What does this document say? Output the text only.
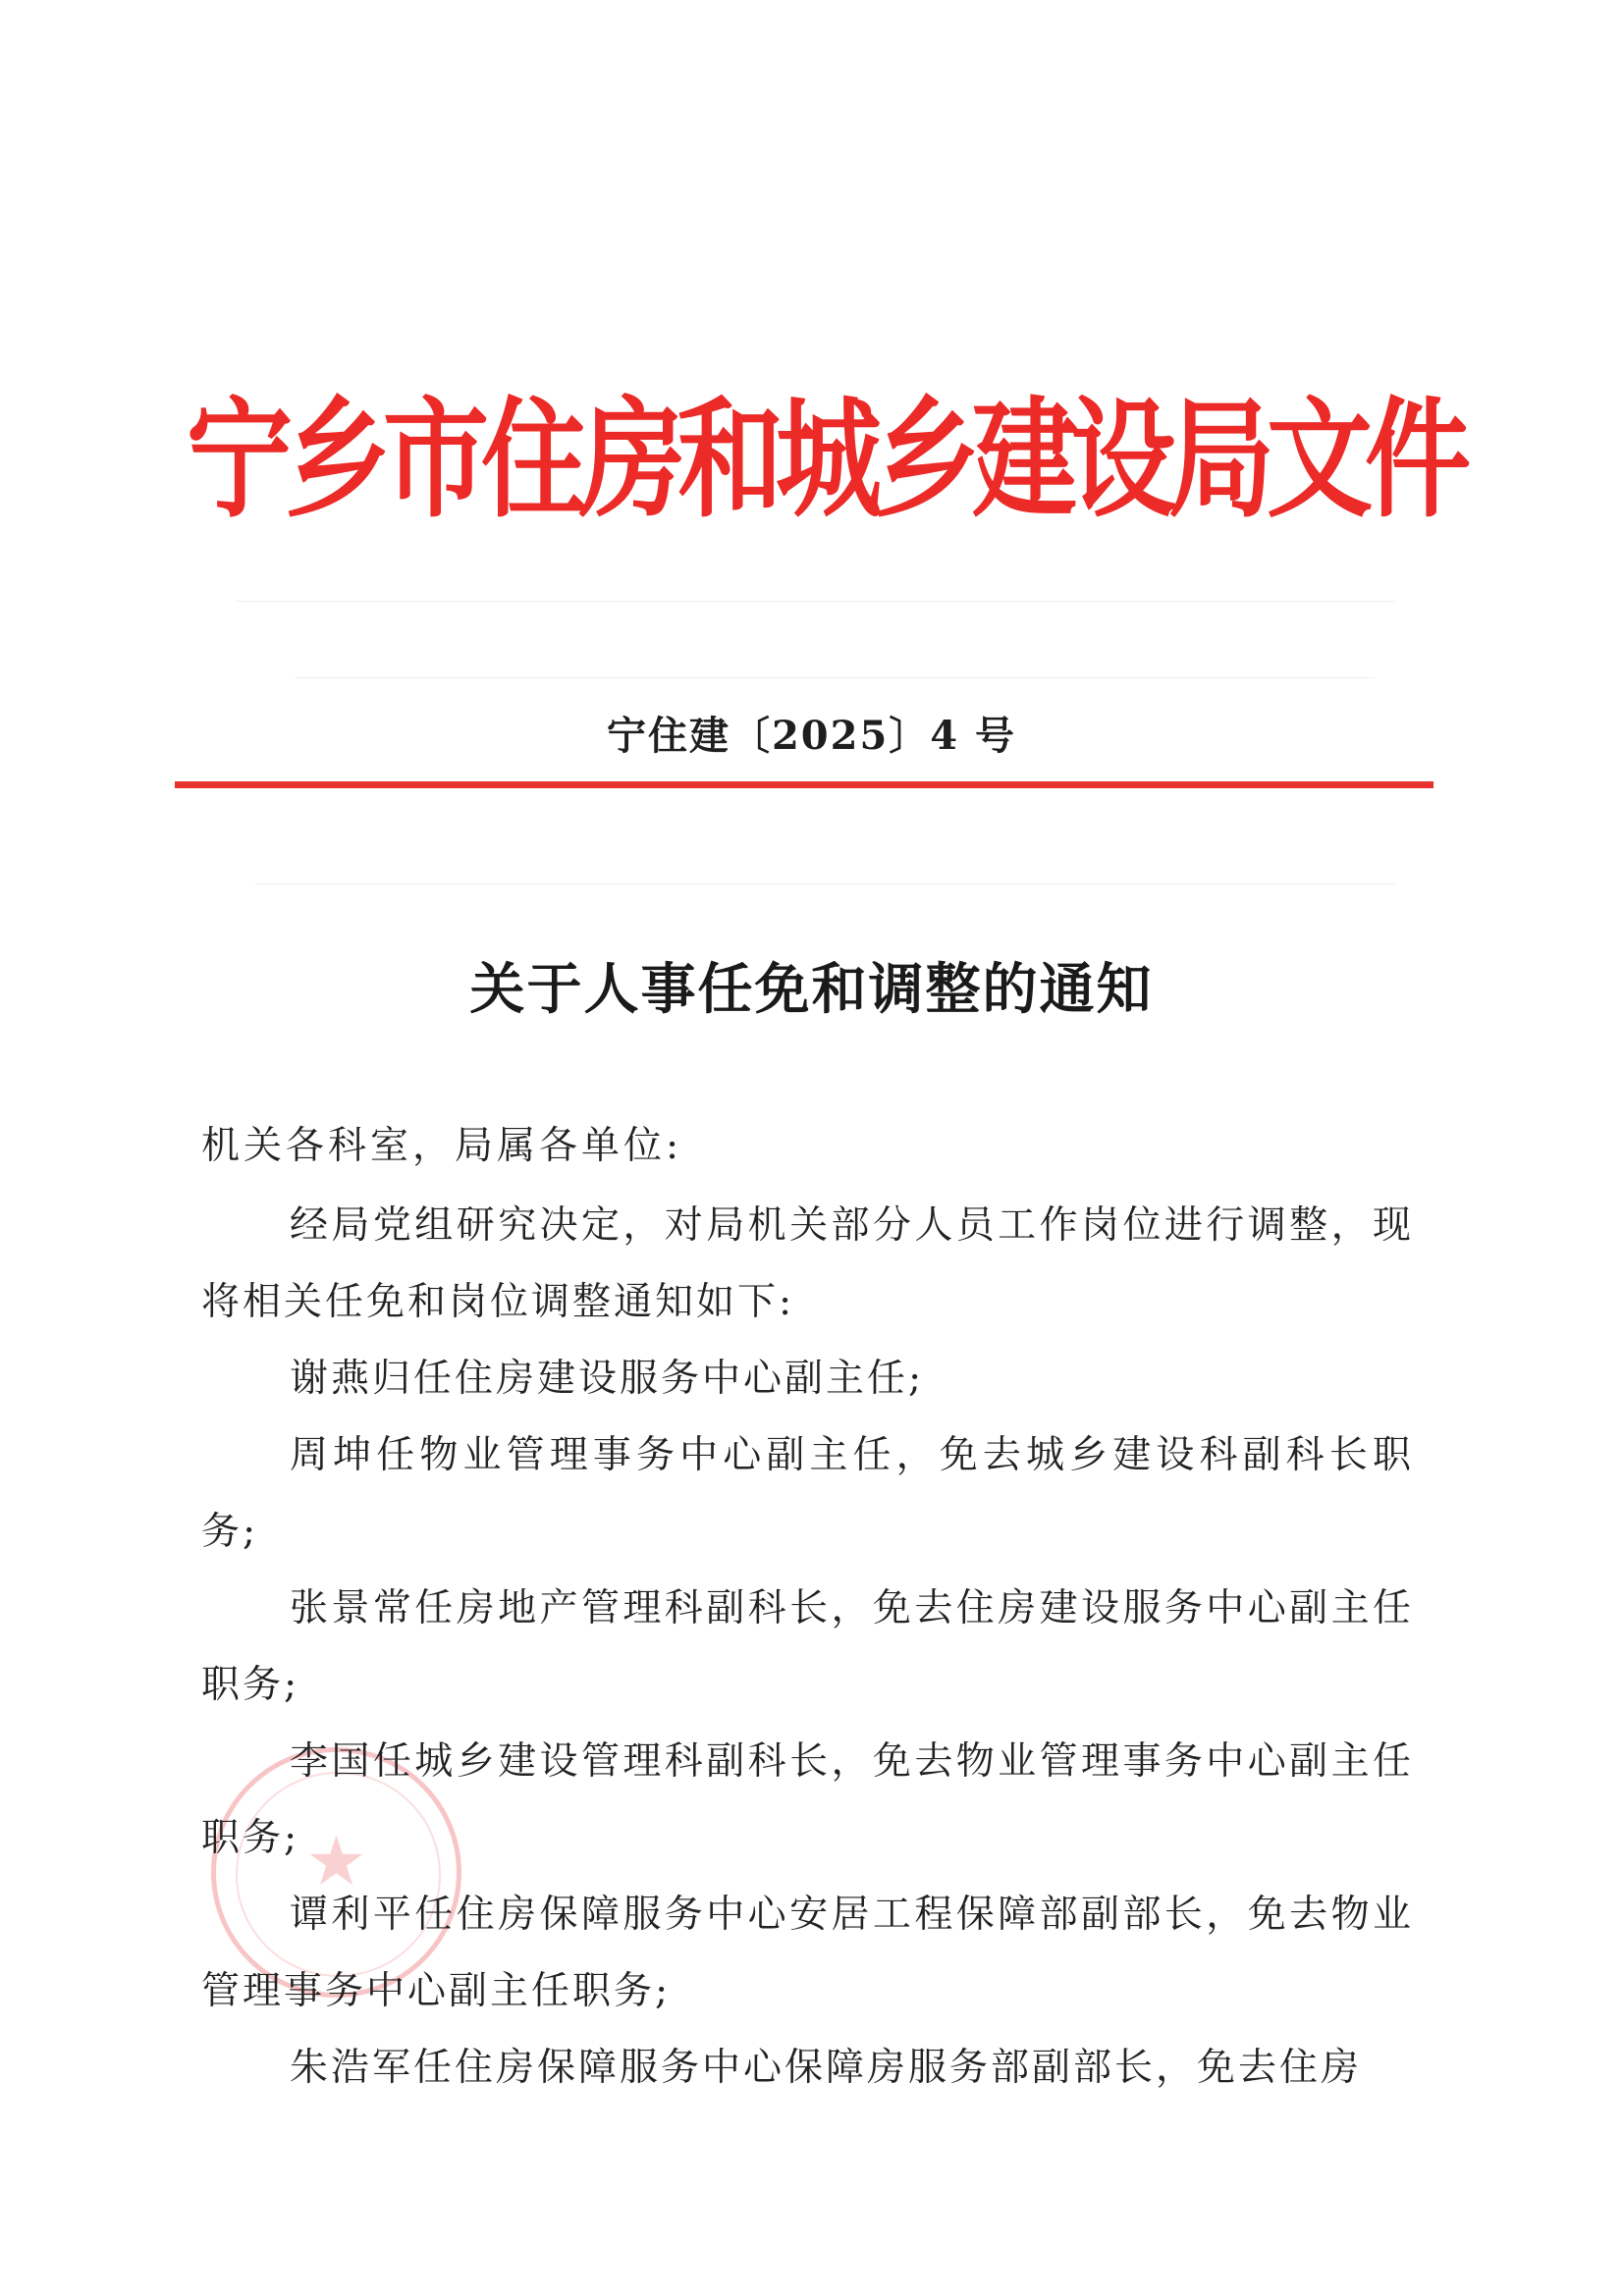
宁乡市住房和城乡建设局文件
宁住建〔2025〕4 号
关于人事任免和调整的通知
机关各科室，局属各单位:
★

经局党组研究决定，对局机关部分人员工作岗位进行调整，现将相关任免和岗位调整通知如下:

谢燕归任住房建设服务中心副主任;

周坤任物业管理事务中心副主任，免去城乡建设科副科长职务;

张景常任房地产管理科副科长，免去住房建设服务中心副主任职务;

李国任城乡建设管理科副科长，免去物业管理事务中心副主任职务;

谭利平任住房保障服务中心安居工程保障部副部长，免去物业管理事务中心副主任职务;

朱浩军任住房保障服务中心保障房服务部副部长，免去住房
